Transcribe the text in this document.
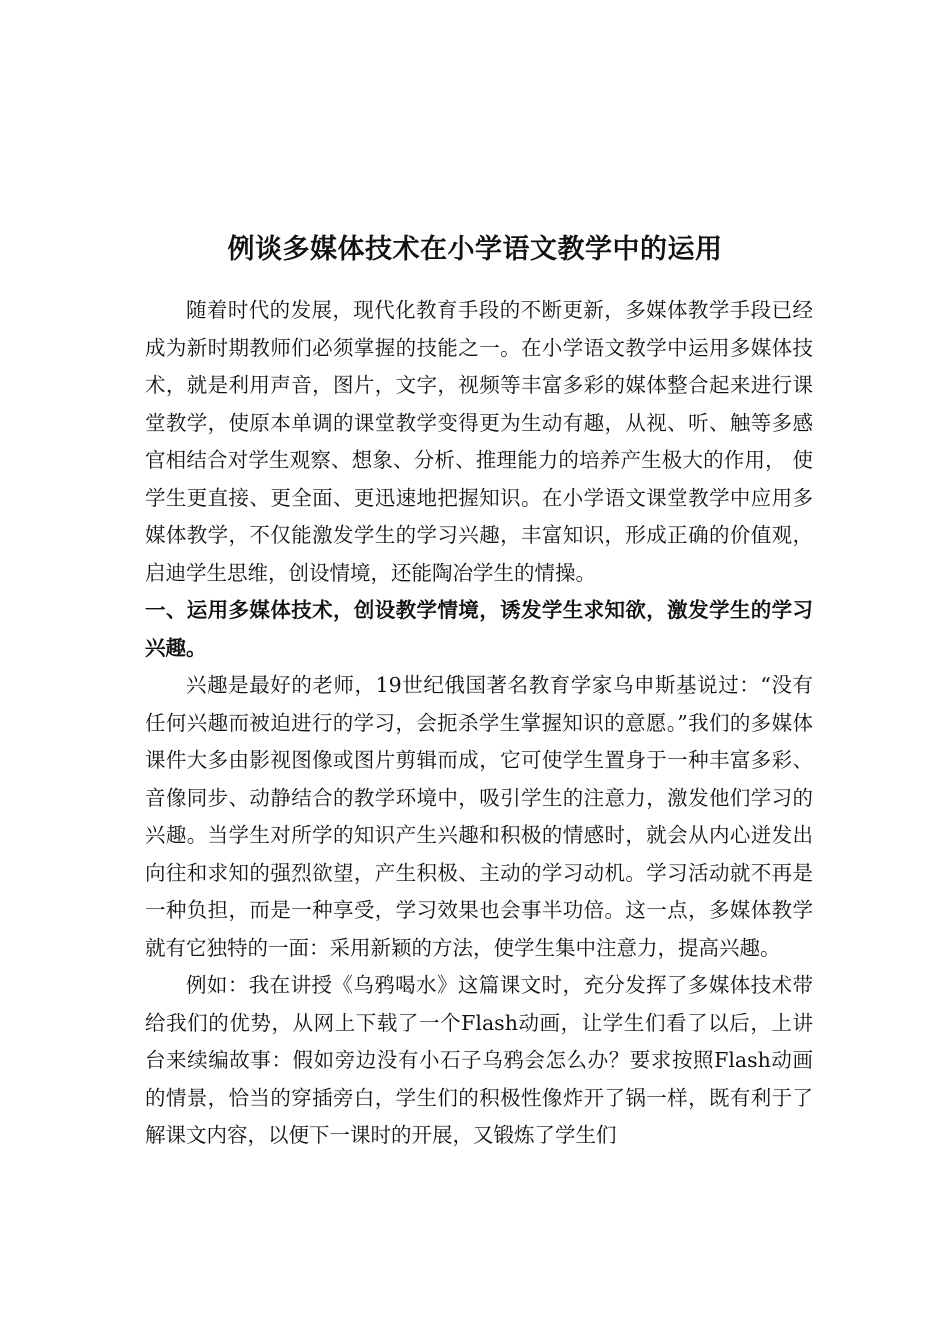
例谈多媒体技术在小学语文教学中的运用

随着时代的发展，现代化教育手段的不断更新，多媒体教学手段已经成为新时期教师们必须掌握的技能之一。在小学语文教学中运用多媒体技术，就是利用声音，图片，文字，视频等丰富多彩的媒体整合起来进行课堂教学，使原本单调的课堂教学变得更为生动有趣，从视、听、触等多感官相结合对学生观察、想象、分析、推理能力的培养产生极大的作用， 使学生更直接、更全面、更迅速地把握知识。在小学语文课堂教学中应用多媒体教学，不仅能激发学生的学习兴趣，丰富知识，形成正确的价值观，启迪学生思维，创设情境，还能陶冶学生的情操。

一、运用多媒体技术，创设教学情境，诱发学生求知欲，激发学生的学习兴趣。

兴趣是最好的老师，19世纪俄国著名教育学家乌申斯基说过：“没有任何兴趣而被迫进行的学习，会扼杀学生掌握知识的意愿。”我们的多媒体课件大多由影视图像或图片剪辑而成，它可使学生置身于一种丰富多彩、音像同步、动静结合的教学环境中，吸引学生的注意力，激发他们学习的兴趣。当学生对所学的知识产生兴趣和积极的情感时，就会从内心迸发出向往和求知的强烈欲望，产生积极、主动的学习动机。学习活动就不再是一种负担，而是一种享受，学习效果也会事半功倍。这一点，多媒体教学就有它独特的一面：采用新颖的方法，使学生集中注意力，提高兴趣。

例如：我在讲授《乌鸦喝水》这篇课文时，充分发挥了多媒体技术带给我们的优势，从网上下载了一个Flash动画，让学生们看了以后，上讲台来续编故事：假如旁边没有小石子乌鸦会怎么办？要求按照Flash动画的情景，恰当的穿插旁白，学生们的积极性像炸开了锅一样，既有利于了解课文内容，以便下一课时的开展，又锻炼了学生们
